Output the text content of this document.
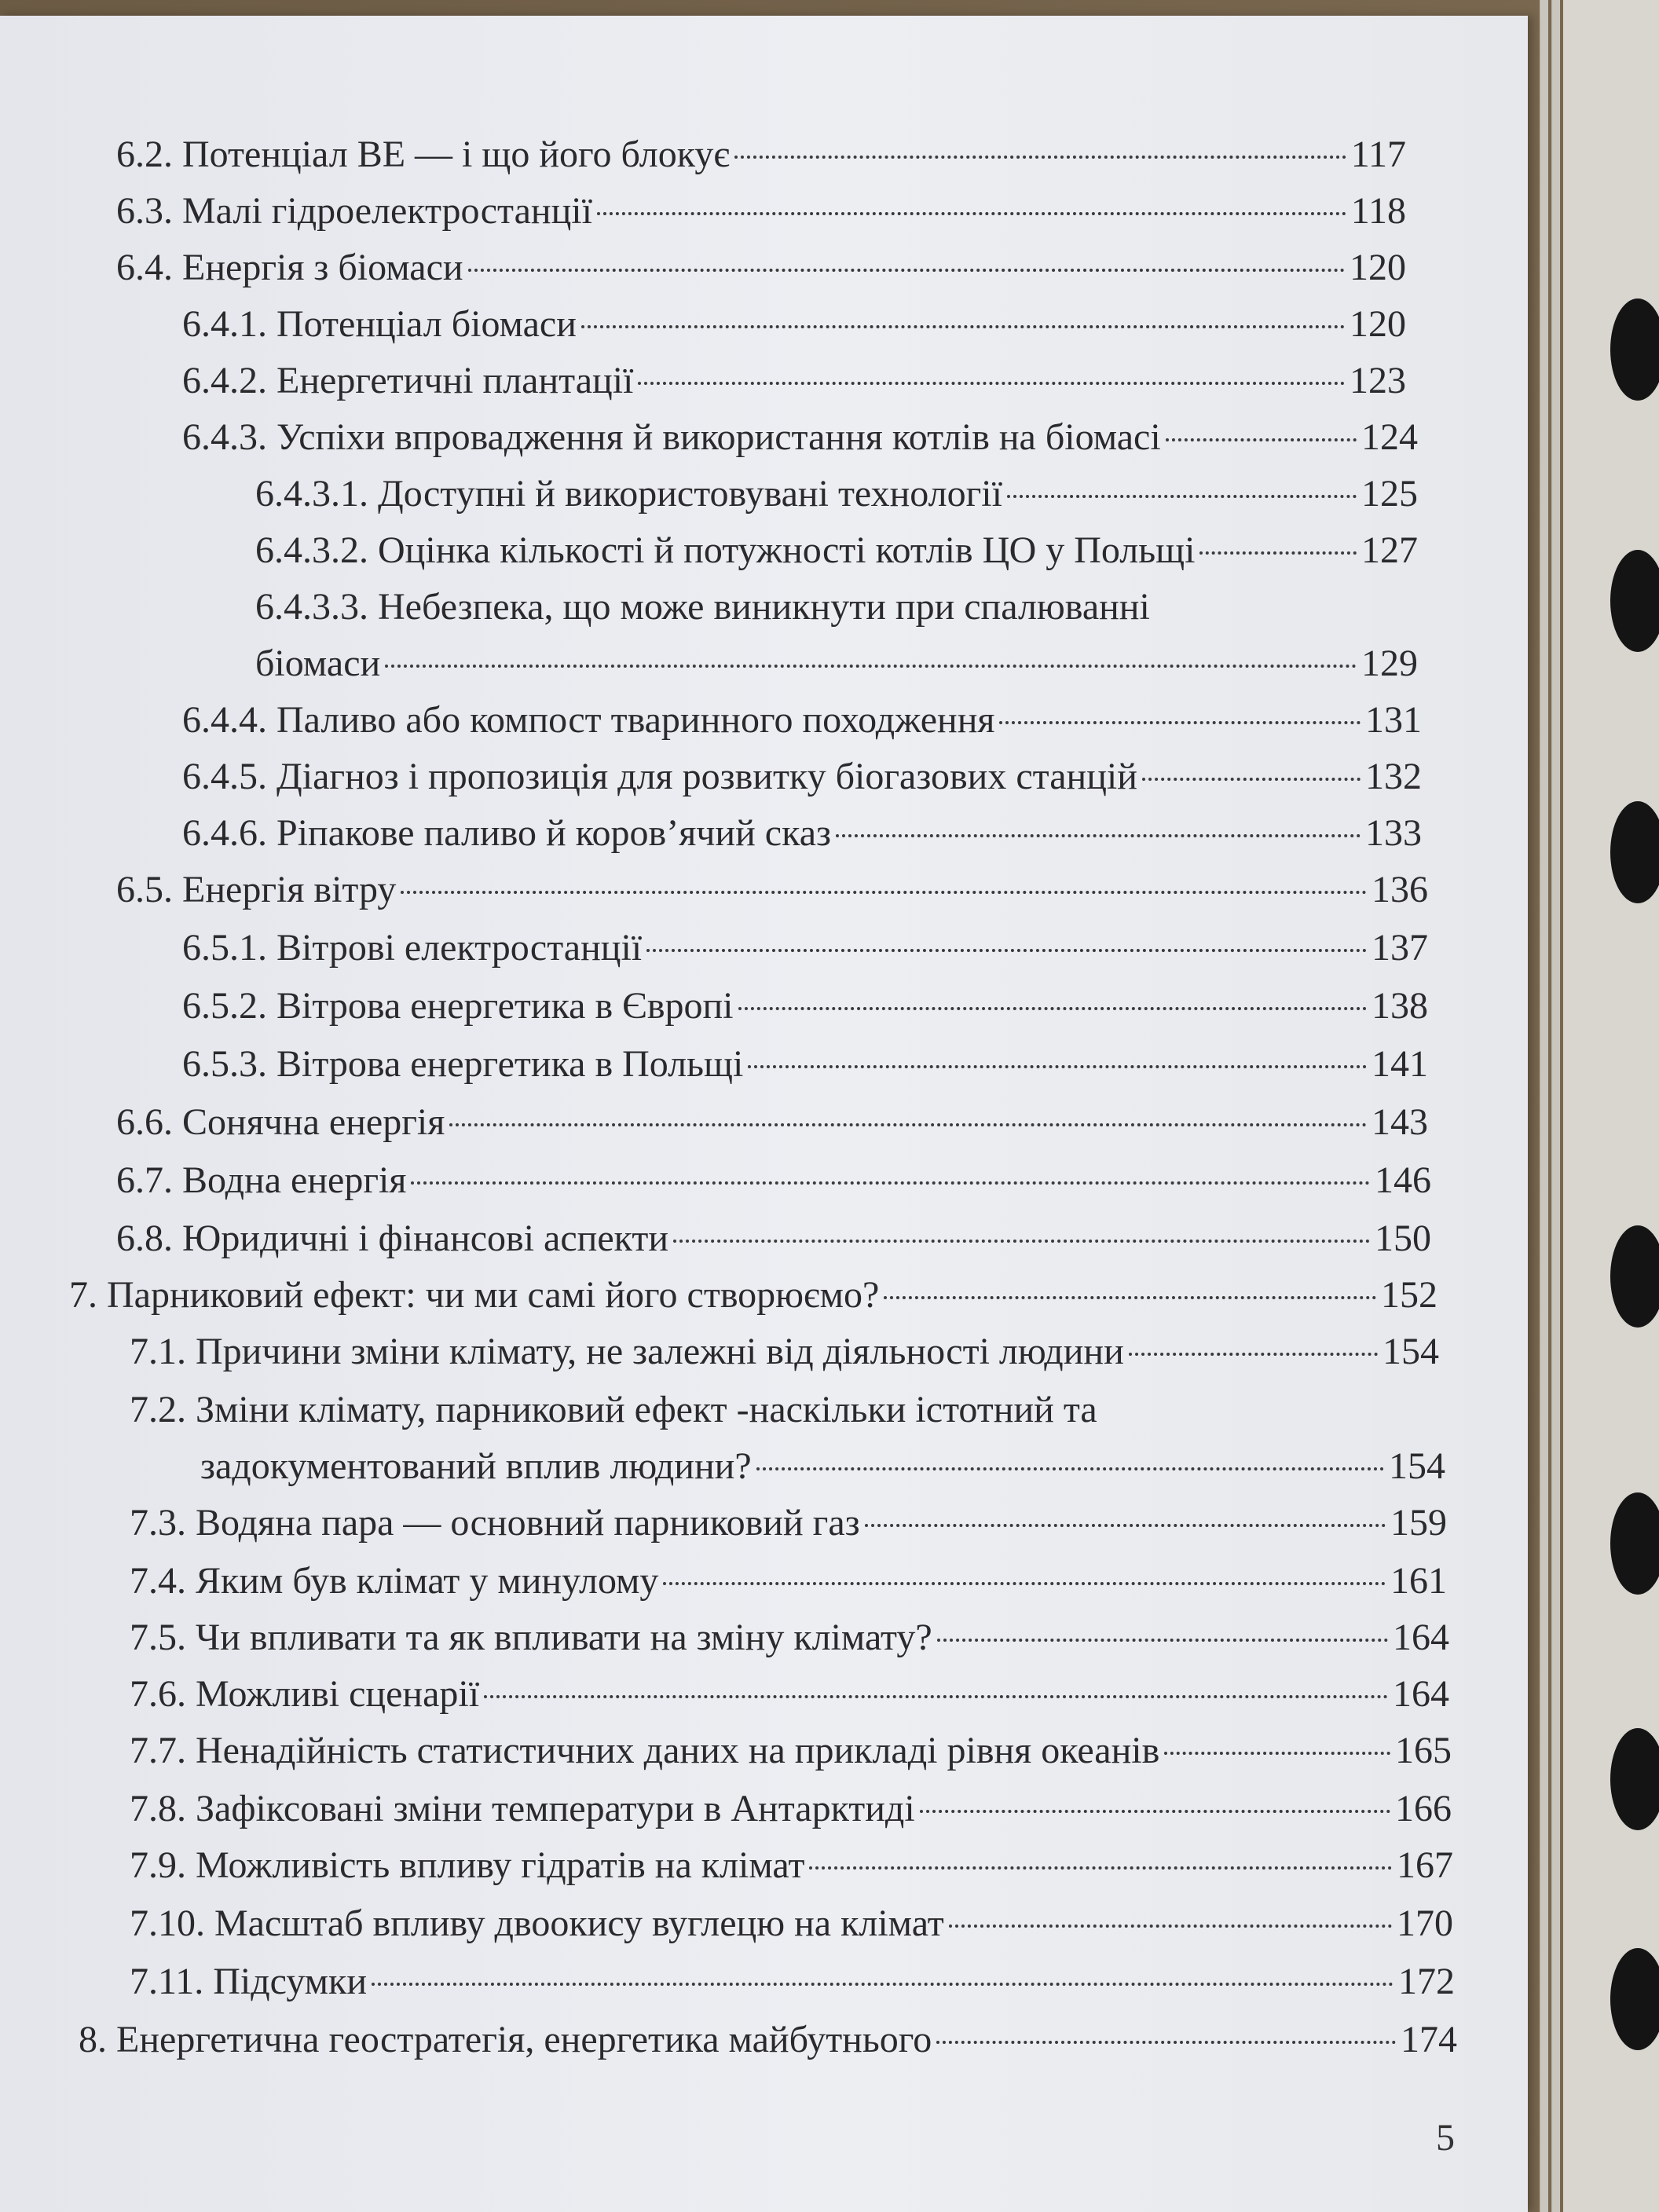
6.2. Потенціал ВЕ — і що його блокує	117
6.3. Малі гідроелектростанції	118
6.4. Енергія з біомаси	120
6.4.1. Потенціал біомаси	120
6.4.2. Енергетичні плантації	123
6.4.3. Успіхи впровадження й використання котлів на біомасі	124
6.4.3.1. Доступні й використовувані технології	125
6.4.3.2. Оцінка кількості й потужності котлів ЦО у Польщі	127
6.4.3.3. Небезпека, що може виникнути при спалюванні
біомаси	129
6.4.4. Паливо або компост тваринного походження	131
6.4.5. Діагноз і пропозиція для розвитку біогазових станцій	132
6.4.6. Ріпакове паливо й коров’ячий сказ	133
6.5. Енергія вітру	136
6.5.1. Вітрові електростанції	137
6.5.2. Вітрова енергетика в Європі	138
6.5.3. Вітрова енергетика в Польщі	141
6.6. Сонячна енергія	143
6.7. Водна енергія	146
6.8. Юридичні і фінансові аспекти	150
7. Парниковий ефект: чи ми самі його створюємо?	152
7.1. Причини зміни клімату, не залежні від діяльності людини	154
7.2. Зміни клімату, парниковий ефект -наскільки істотний та
задокументований вплив людини?	154
7.3. Водяна пара — основний парниковий газ	159
7.4. Яким був клімат у минулому	161
7.5. Чи впливати та як впливати на зміну клімату?	164
7.6. Можливі сценарії	164
7.7. Ненадійність статистичних даних на прикладі рівня океанів	165
7.8. Зафіксовані зміни температури в Антарктиді	166
7.9. Можливість впливу гідратів на клімат	167
7.10. Масштаб впливу двоокису вуглецю на клімат	170
7.11. Підсумки	172
8. Енергетична геостратегія, енергетика майбутнього	174
5
